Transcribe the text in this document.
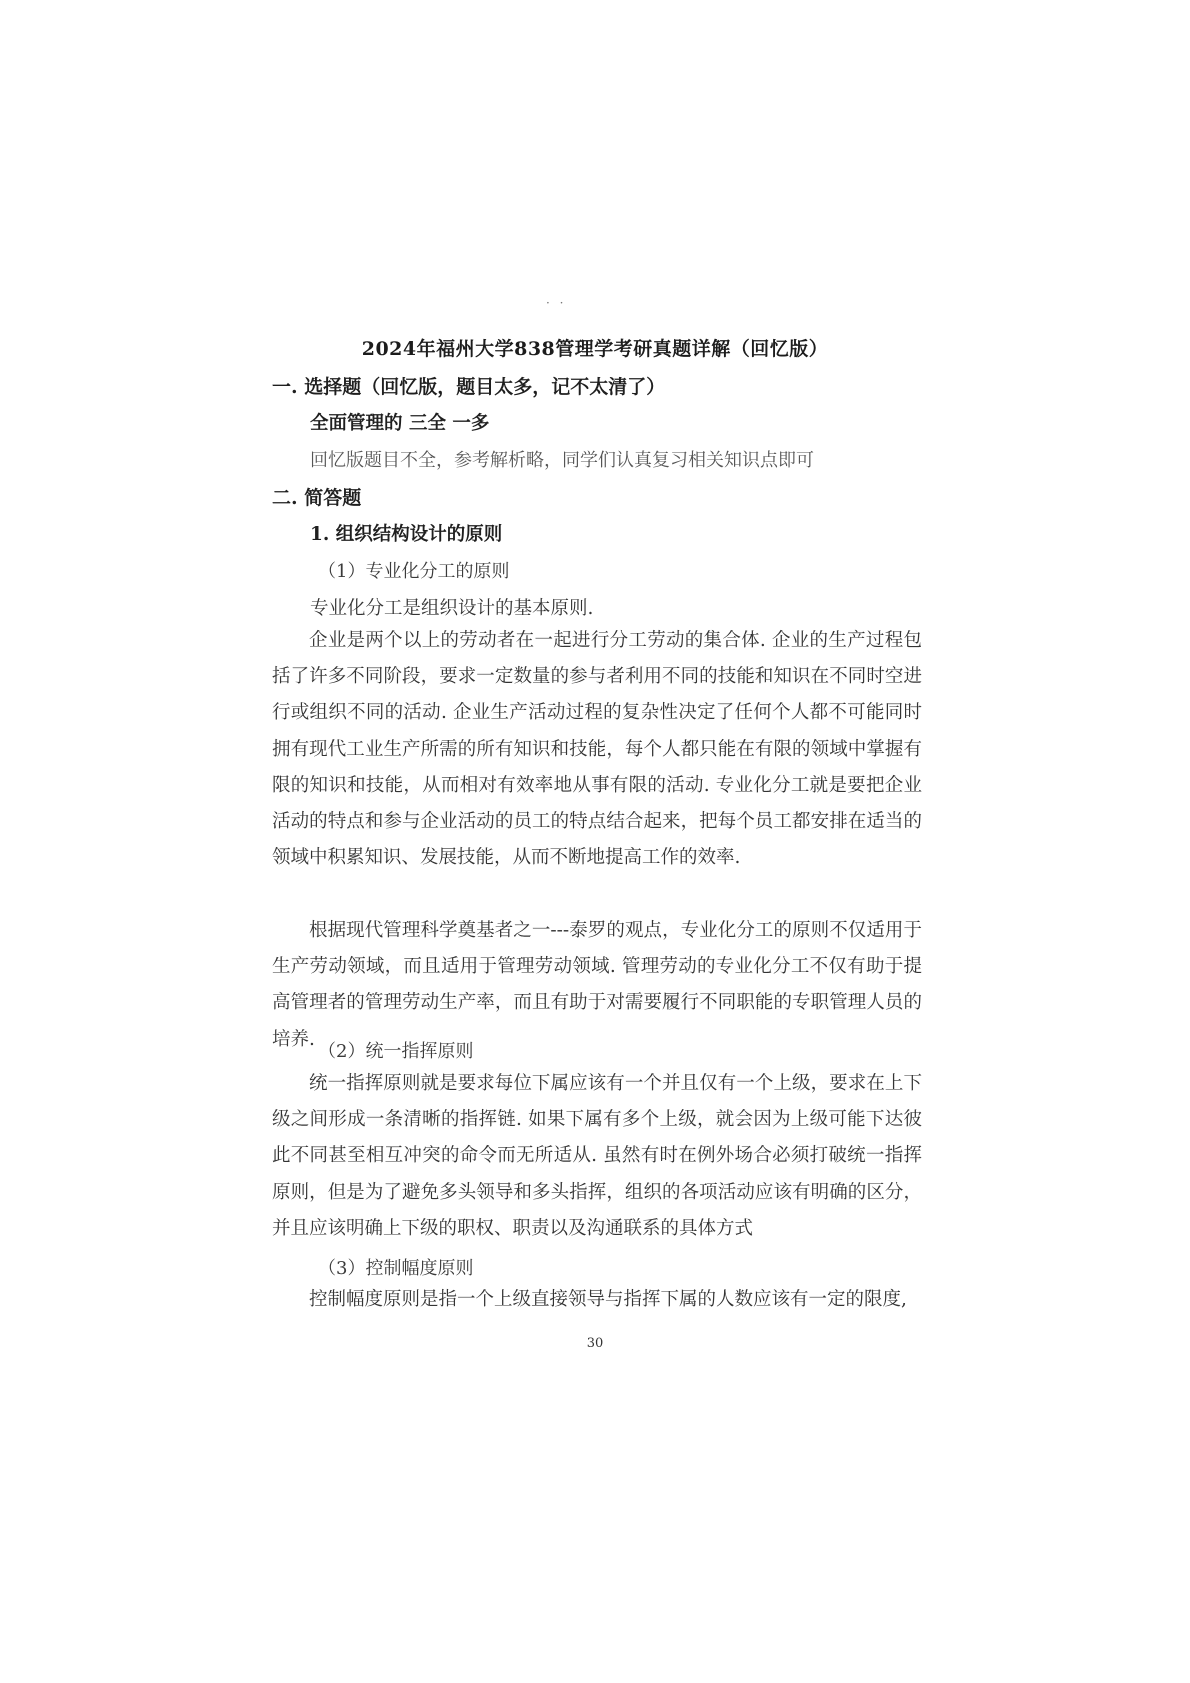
· ·
2024年福州大学838管理学考研真题详解（回忆版）
一. 选择题（回忆版，题目太多，记不太清了）
全面管理的 三全 一多
回忆版题目不全，参考解析略，同学们认真复习相关知识点即可
二. 简答题
1. 组织结构设计的原则
（1）专业化分工的原则
专业化分工是组织设计的基本原则.

企业是两个以上的劳动者在一起进行分工劳动的集合体. 企业的生产过程包括了许多不同阶段，要求一定数量的参与者利用不同的技能和知识在不同时空进行或组织不同的活动. 企业生产活动过程的复杂性决定了任何个人都不可能同时拥有现代工业生产所需的所有知识和技能，每个人都只能在有限的领域中掌握有限的知识和技能，从而相对有效率地从事有限的活动. 专业化分工就是要把企业活动的特点和参与企业活动的员工的特点结合起来，把每个员工都安排在适当的领域中积累知识、发展技能，从而不断地提高工作的效率.

根据现代管理科学奠基者之一---泰罗的观点，专业化分工的原则不仅适用于生产劳动领域，而且适用于管理劳动领域. 管理劳动的专业化分工不仅有助于提高管理者的管理劳动生产率，而且有助于对需要履行不同职能的专职管理人员的培养.

（2）统一指挥原则

统一指挥原则就是要求每位下属应该有一个并且仅有一个上级，要求在上下级之间形成一条清晰的指挥链. 如果下属有多个上级，就会因为上级可能下达彼此不同甚至相互冲突的命令而无所适从. 虽然有时在例外场合必须打破统一指挥原则，但是为了避免多头领导和多头指挥，组织的各项活动应该有明确的区分，并且应该明确上下级的职权、职责以及沟通联系的具体方式

（3）控制幅度原则

控制幅度原则是指一个上级直接领导与指挥下属的人数应该有一定的限度,

30
